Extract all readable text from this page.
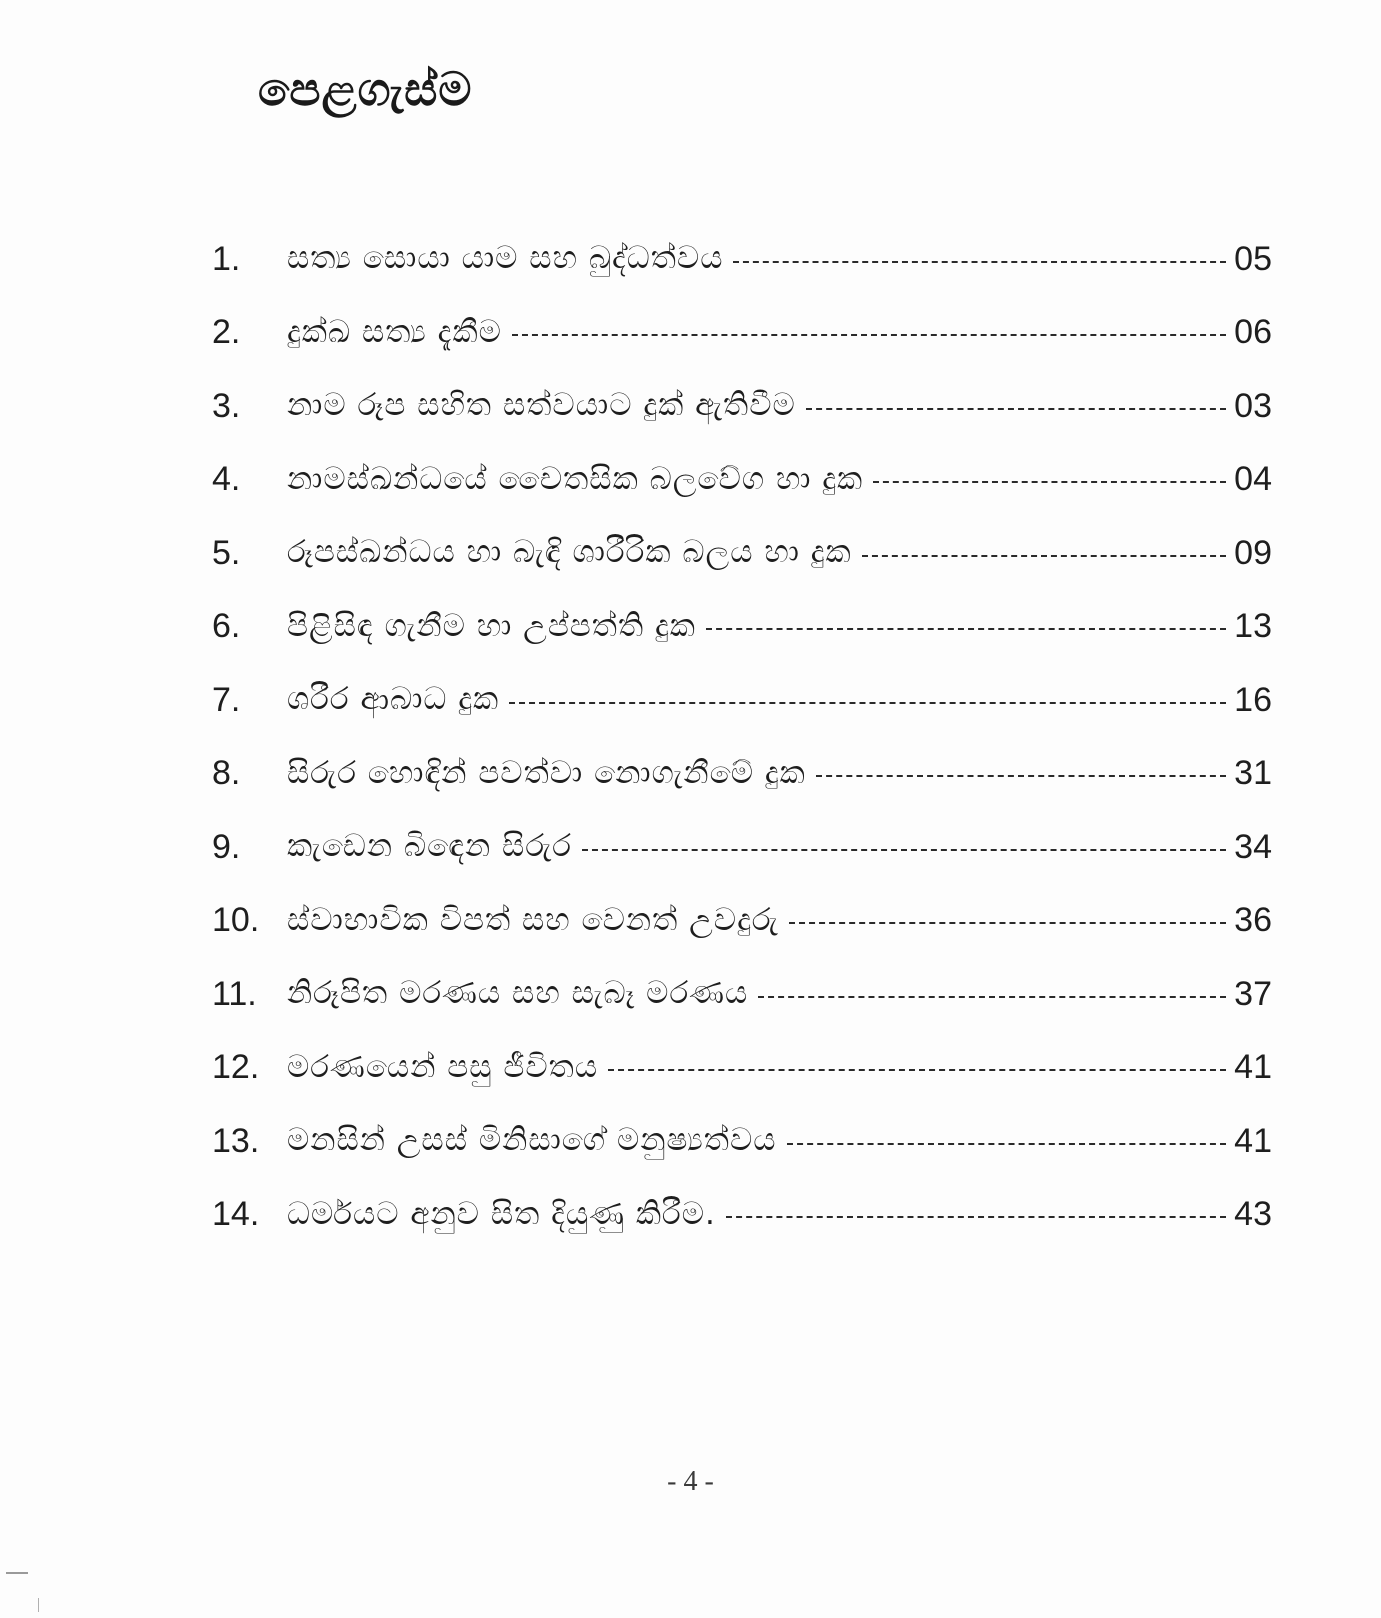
පෙළගැස්ම
1.	සත්‍ය සොයා යාම සහ බුද්ධත්වය	05
2.	දුක්ඛ සත්‍ය දැකීම	06
3.	නාම රූප සහිත සත්වයාට දුක් ඇතිවීම	03
4.	නාමස්ඛන්ධයේ චෛතසික බලවේග හා දුක	04
5.	රූපස්ඛන්ධය හා බැඳි ශාරීරික බලය හා දුක	09
6.	පිළිසිඳ ගැනීම හා උප්පත්ති දුක	13
7.	ශරීර ආබාධ දුක	16
8.	සිරුර හොඳින් පවත්වා නොගැනීමේ දුක	31
9.	කැඩෙන බිඳෙන සිරුර	34
10. ස්වාභාවික විපත් සහ වෙනත් උවදුරු	36
11. නිරූපිත මරණය සහ සැබෑ මරණය	37
12. මරණයෙන් පසු ජීවිතය	41
13. මනසින් උසස් මිනිසාගේ මනුෂ්‍යත්වය	41
14. ධර්මයට අනුව සිත දියුණු කිරීම.	43
- 4 -
